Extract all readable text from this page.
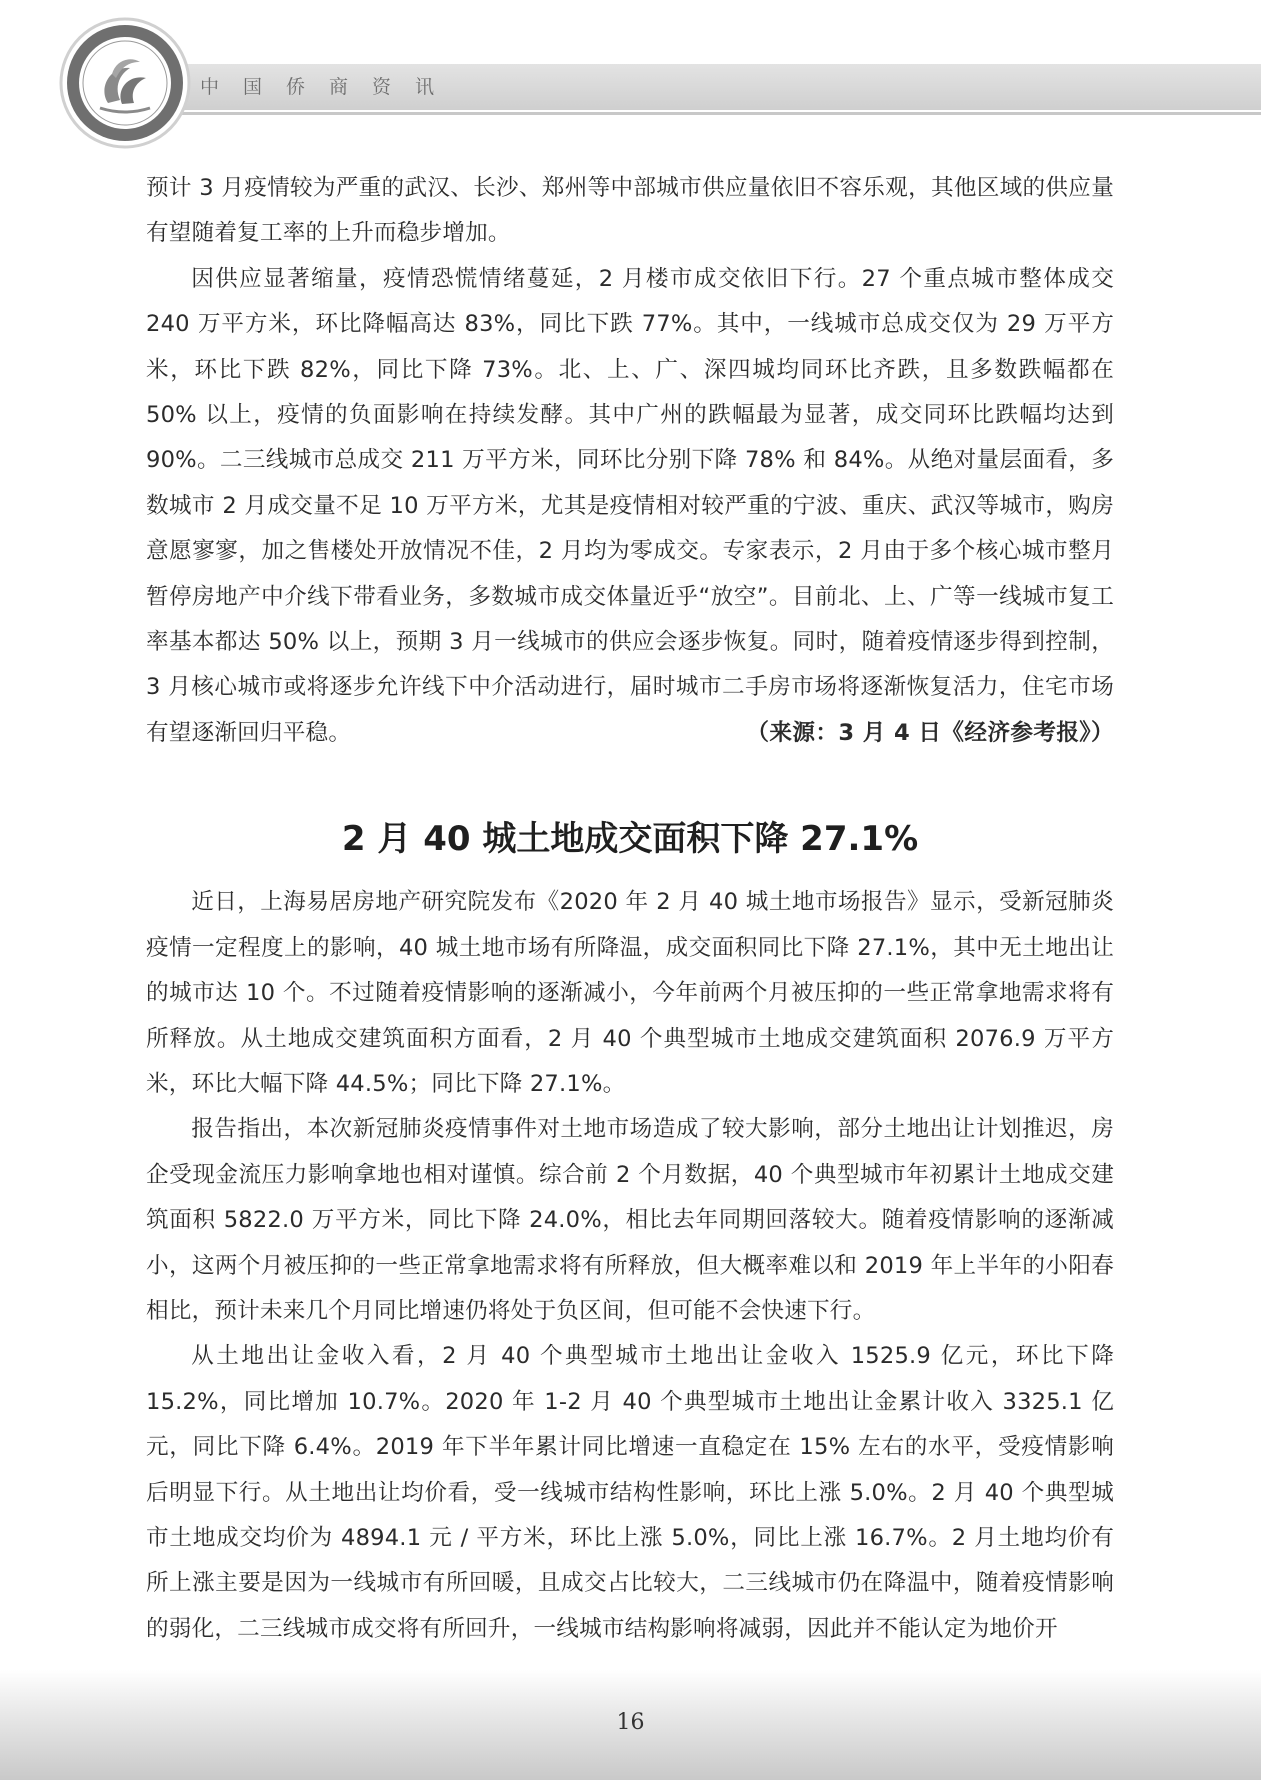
中国侨商资讯

预计 3 月疫情较为严重的武汉、长沙、郑州等中部城市供应量依旧不容乐观，其他区域的供应量有望随着复工率的上升而稳步增加。

因供应显著缩量，疫情恐慌情绪蔓延，2 月楼市成交依旧下行。27 个重点城市整体成交 240 万平方米，环比降幅高达 83%，同比下跌 77%。其中，一线城市总成交仅为 29 万平方米，环比下跌 82%，同比下降 73%。北、上、广、深四城均同环比齐跌，且多数跌幅都在 50% 以上，疫情的负面影响在持续发酵。其中广州的跌幅最为显著，成交同环比跌幅均达到 90%。二三线城市总成交 211 万平方米，同环比分别下降 78% 和 84%。从绝对量层面看，多数城市 2 月成交量不足 10 万平方米，尤其是疫情相对较严重的宁波、重庆、武汉等城市，购房意愿寥寥，加之售楼处开放情况不佳，2 月均为零成交。专家表示，2 月由于多个核心城市整月暂停房地产中介线下带看业务，多数城市成交体量近乎“放空”。目前北、上、广等一线城市复工率基本都达 50% 以上，预期 3 月一线城市的供应会逐步恢复。同时，随着疫情逐步得到控制，3 月核心城市或将逐步允许线下中介活动进行，届时城市二手房市场将逐渐恢复活力，住宅市场有望逐渐回归平稳。	（来源：3 月 4 日《经济参考报》）

2 月 40 城土地成交面积下降 27.1%

近日，上海易居房地产研究院发布《2020 年 2 月 40 城土地市场报告》显示，受新冠肺炎疫情一定程度上的影响，40 城土地市场有所降温，成交面积同比下降 27.1%，其中无土地出让的城市达 10 个。不过随着疫情影响的逐渐减小，今年前两个月被压抑的一些正常拿地需求将有所释放。从土地成交建筑面积方面看，2 月 40 个典型城市土地成交建筑面积 2076.9 万平方米，环比大幅下降 44.5%；同比下降 27.1%。

报告指出，本次新冠肺炎疫情事件对土地市场造成了较大影响，部分土地出让计划推迟，房企受现金流压力影响拿地也相对谨慎。综合前 2 个月数据，40 个典型城市年初累计土地成交建筑面积 5822.0 万平方米，同比下降 24.0%，相比去年同期回落较大。随着疫情影响的逐渐减小，这两个月被压抑的一些正常拿地需求将有所释放，但大概率难以和 2019 年上半年的小阳春相比，预计未来几个月同比增速仍将处于负区间，但可能不会快速下行。

从土地出让金收入看，2 月 40 个典型城市土地出让金收入 1525.9 亿元，环比下降 15.2%，同比增加 10.7%。2020 年 1-2 月 40 个典型城市土地出让金累计收入 3325.1 亿元，同比下降 6.4%。2019 年下半年累计同比增速一直稳定在 15% 左右的水平，受疫情影响后明显下行。从土地出让均价看，受一线城市结构性影响，环比上涨 5.0%。2 月 40 个典型城市土地成交均价为 4894.1 元 / 平方米，环比上涨 5.0%，同比上涨 16.7%。2 月土地均价有所上涨主要是因为一线城市有所回暖，且成交占比较大，二三线城市仍在降温中，随着疫情影响的弱化，二三线城市成交将有所回升，一线城市结构影响将减弱，因此并不能认定为地价开

16
